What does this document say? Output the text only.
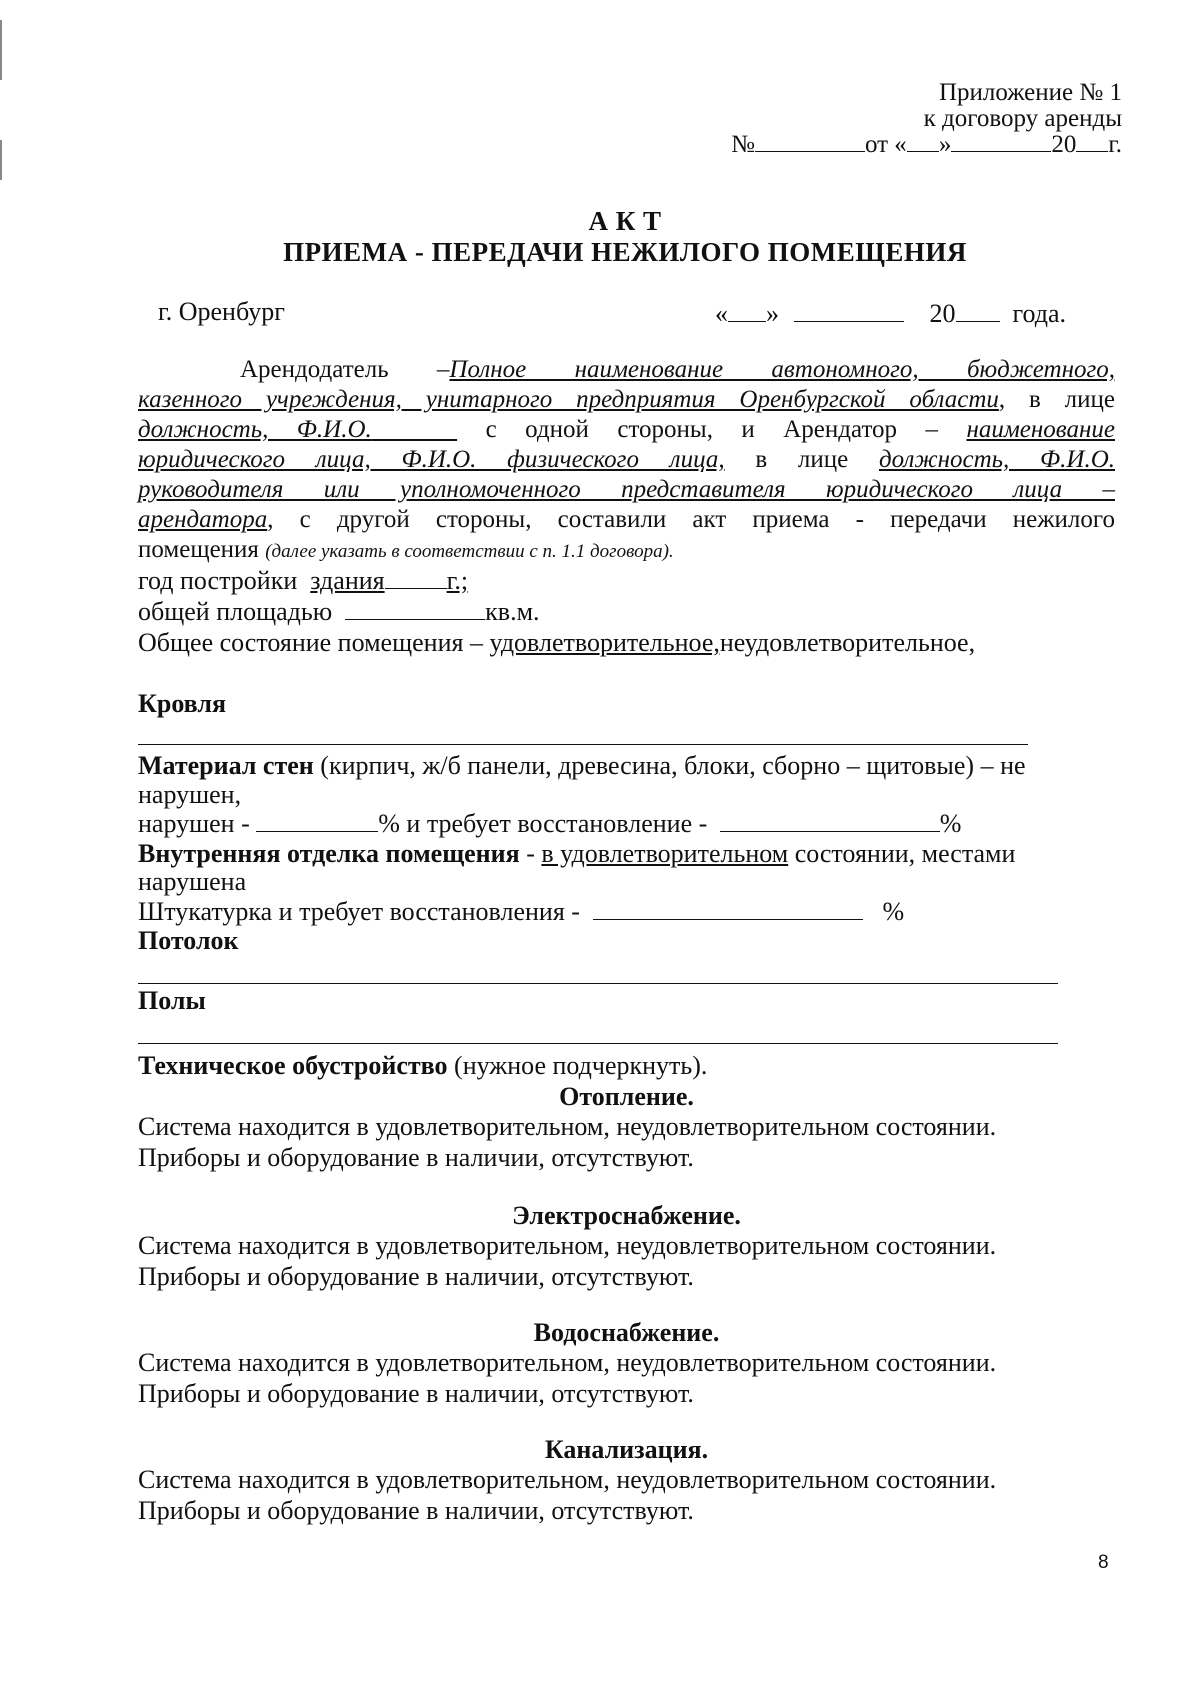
Приложение № 1
к договору аренды
№	от « »	20 г.
А К Т
ПРИЕМА - ПЕРЕДАЧИ НЕЖИЛОГО ПОМЕЩЕНИЯ
г. Оренбург	« »	20 года.
Арендодатель –Полное наименование автономного, бюджетного,
казенного учреждения, унитарного предприятия Оренбургской области, в лице
должность, Ф.И.О.	с одной стороны, и Арендатор – наименование
юридического лица, Ф.И.О. физического лица, в лице должность, Ф.И.О.
руководителя или уполномоченного представителя юридического лица –
арендатора, с другой стороны, составили акт приема - передачи нежилого
помещения (далее указать в соответствии с п. 1.1 договора).
год постройки здания г.;
общей площадью	кв.м.
Общее состояние помещения – удовлетворительное,неудовлетворительное,
Кровля
Материал стен (кирпич, ж/б панели, древесина, блоки, сборно – щитовые) – не
нарушен,
нарушен -	% и требует восстановление -	%
Внутренняя отделка помещения - в удовлетворительном состоянии, местами
нарушена
Штукатурка и требует восстановления -	%
Потолок
Полы
Техническое обустройство (нужное подчеркнуть).
Отопление.
Система находится в удовлетворительном, неудовлетворительном состоянии.
Приборы и оборудование в наличии, отсутствуют.
Электроснабжение.
Система находится в удовлетворительном, неудовлетворительном состоянии.
Приборы и оборудование в наличии, отсутствуют.
Водоснабжение.
Система находится в удовлетворительном, неудовлетворительном состоянии.
Приборы и оборудование в наличии, отсутствуют.
Канализация.
Система находится в удовлетворительном, неудовлетворительном состоянии.
Приборы и оборудование в наличии, отсутствуют.
8
